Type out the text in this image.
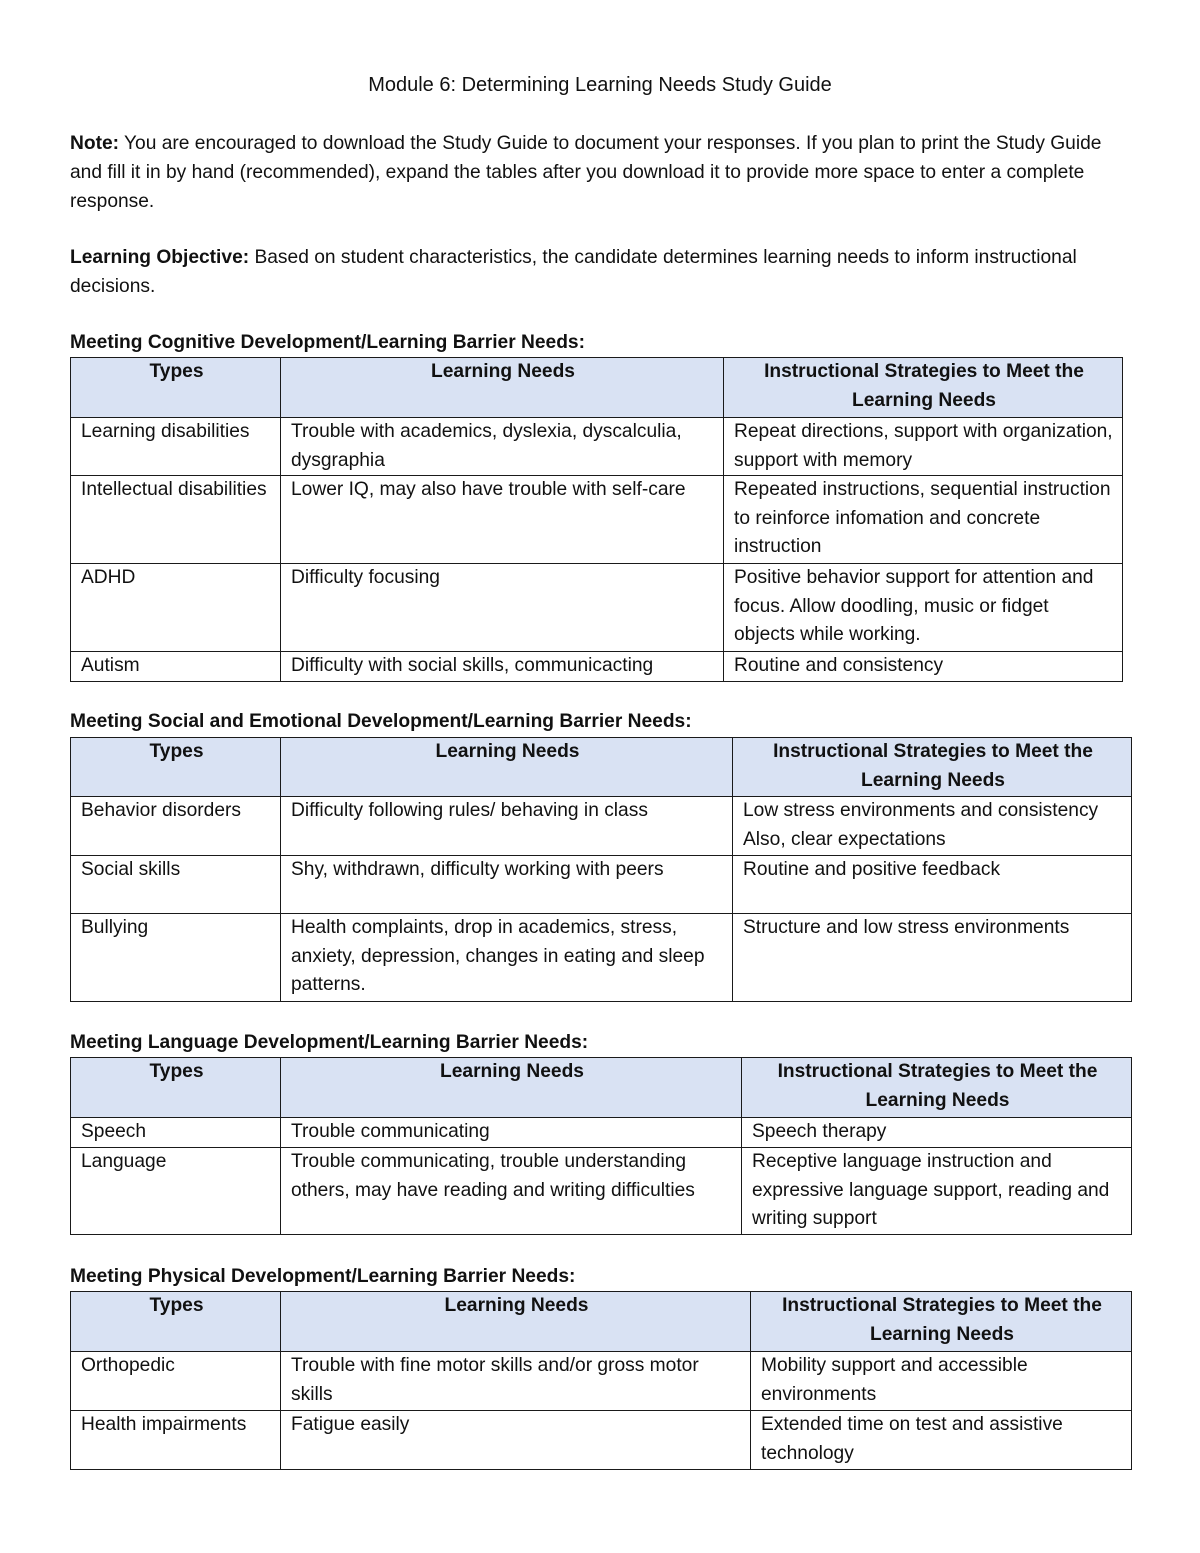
Module 6: Determining Learning Needs Study Guide

Note: You are encouraged to download the Study Guide to document your responses. If you plan to print the Study Guide and fill it in by hand (recommended), expand the tables after you download it to provide more space to enter a complete response.

Learning Objective: Based on student characteristics, the candidate determines learning needs to inform instructional decisions.

Meeting Cognitive Development/Learning Barrier Needs:
Types	Learning Needs	Instructional Strategies to Meet the Learning Needs
Learning disabilities	Trouble with academics, dyslexia, dyscalculia, dysgraphia	Repeat directions, support with organization, support with memory
Intellectual disabilities	Lower IQ, may also have trouble with self-care	Repeated instructions, sequential instruction to reinforce infomation and concrete instruction
ADHD	Difficulty focusing	Positive behavior support for attention and focus. Allow doodling, music or fidget objects while working.
Autism	Difficulty with social skills, communicacting	Routine and consistency
Meeting Social and Emotional Development/Learning Barrier Needs:
Types	Learning Needs	Instructional Strategies to Meet the Learning Needs
Behavior disorders	Difficulty following rules/ behaving in class	Low stress environments and consistency Also, clear expectations
Social skills	Shy, withdrawn, difficulty working with peers	Routine and positive feedback
Bullying	Health complaints, drop in academics, stress, anxiety, depression, changes in eating and sleep patterns.	Structure and low stress environments
Meeting Language Development/Learning Barrier Needs:
Types	Learning Needs	Instructional Strategies to Meet the Learning Needs
Speech	Trouble communicating	Speech therapy
Language	Trouble communicating, trouble understanding others, may have reading and writing difficulties	Receptive language instruction and expressive language support, reading and writing support
Meeting Physical Development/Learning Barrier Needs:
Types	Learning Needs	Instructional Strategies to Meet the Learning Needs
Orthopedic	Trouble with fine motor skills and/or gross motor skills	Mobility support and accessible environments
Health impairments	Fatigue easily	Extended time on test and assistive technology
